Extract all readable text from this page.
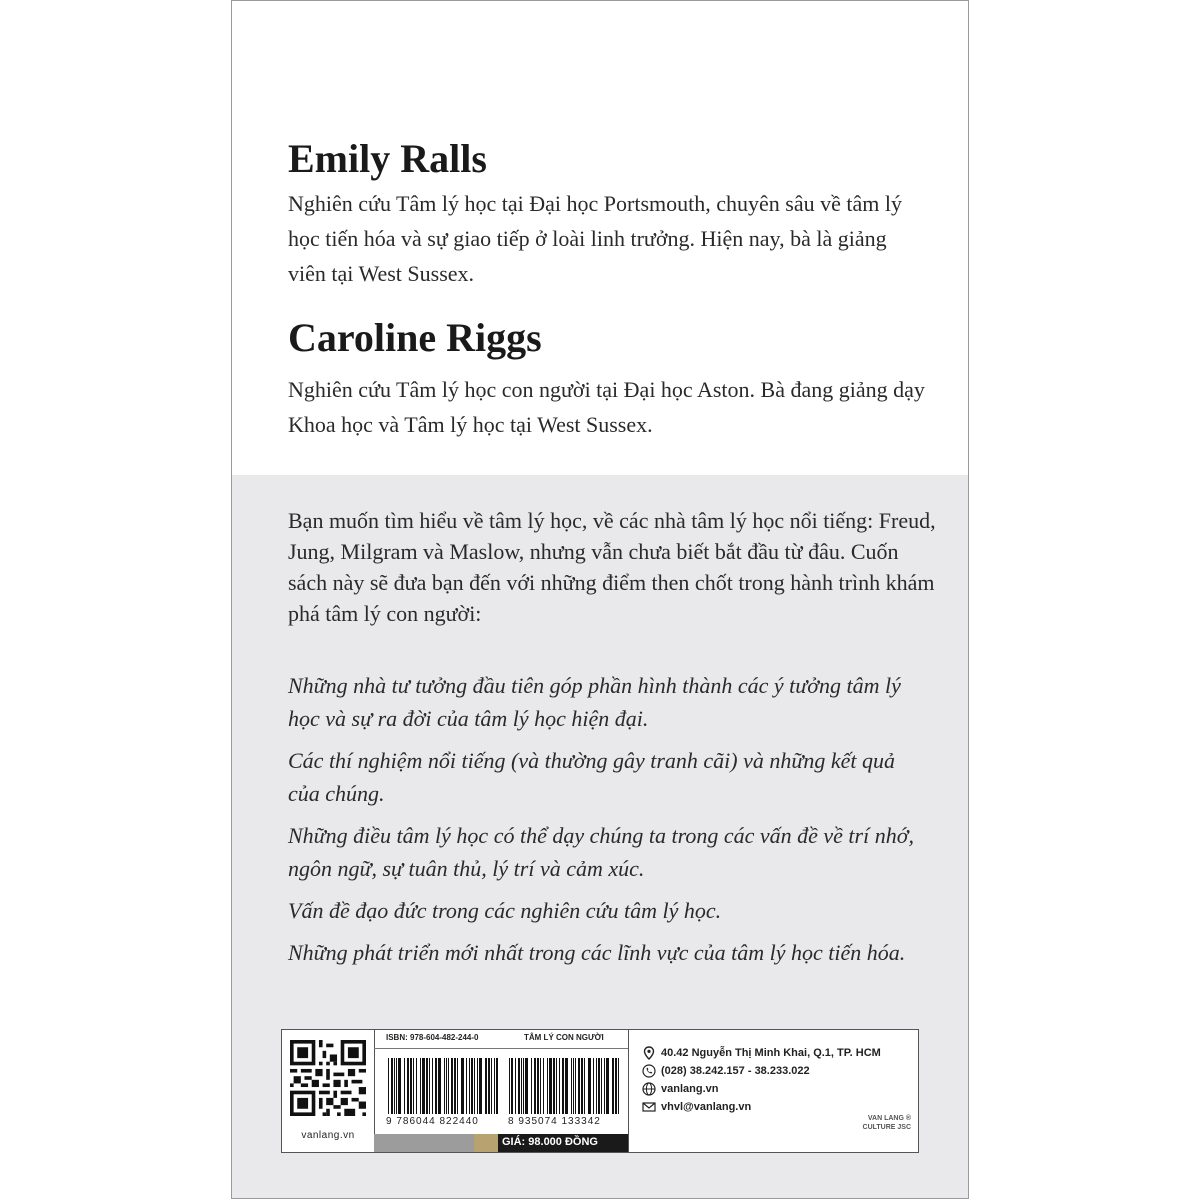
Emily Ralls

Nghiên cứu Tâm lý học tại Đại học Portsmouth, chuyên sâu về tâm lý học tiến hóa và sự giao tiếp ở loài linh trưởng. Hiện nay, bà là giảng viên tại West Sussex.

Caroline Riggs

Nghiên cứu Tâm lý học con người tại Đại học Aston. Bà đang giảng dạy Khoa học và Tâm lý học tại West Sussex.

Bạn muốn tìm hiểu về tâm lý học, về các nhà tâm lý học nổi tiếng: Freud, Jung, Milgram và Maslow, nhưng vẫn chưa biết bắt đầu từ đâu. Cuốn sách này sẽ đưa bạn đến với những điểm then chốt trong hành trình khám phá tâm lý con người:

Những nhà tư tưởng đầu tiên góp phần hình thành các ý tưởng tâm lý học và sự ra đời của tâm lý học hiện đại.
Các thí nghiệm nổi tiếng (và thường gây tranh cãi) và những kết quả của chúng.
Những điều tâm lý học có thể dạy chúng ta trong các vấn đề về trí nhớ, ngôn ngữ, sự tuân thủ, lý trí và cảm xúc.
Vấn đề đạo đức trong các nghiên cứu tâm lý học.
Những phát triển mới nhất trong các lĩnh vực của tâm lý học tiến hóa.
vanlang.vn
ISBN: 978-604-482-244-0	TÂM LÝ CON NGƯỜI
9 786044 822440	8 935074 133342
GIÁ: 98.000 ĐỒNG
40.42 Nguyễn Thị Minh Khai, Q.1, TP. HCM
(028) 38.242.157 - 38.233.022
vanlang.vn
vhvl@vanlang.vn
VAN LANG ®
CULTURE JSC
